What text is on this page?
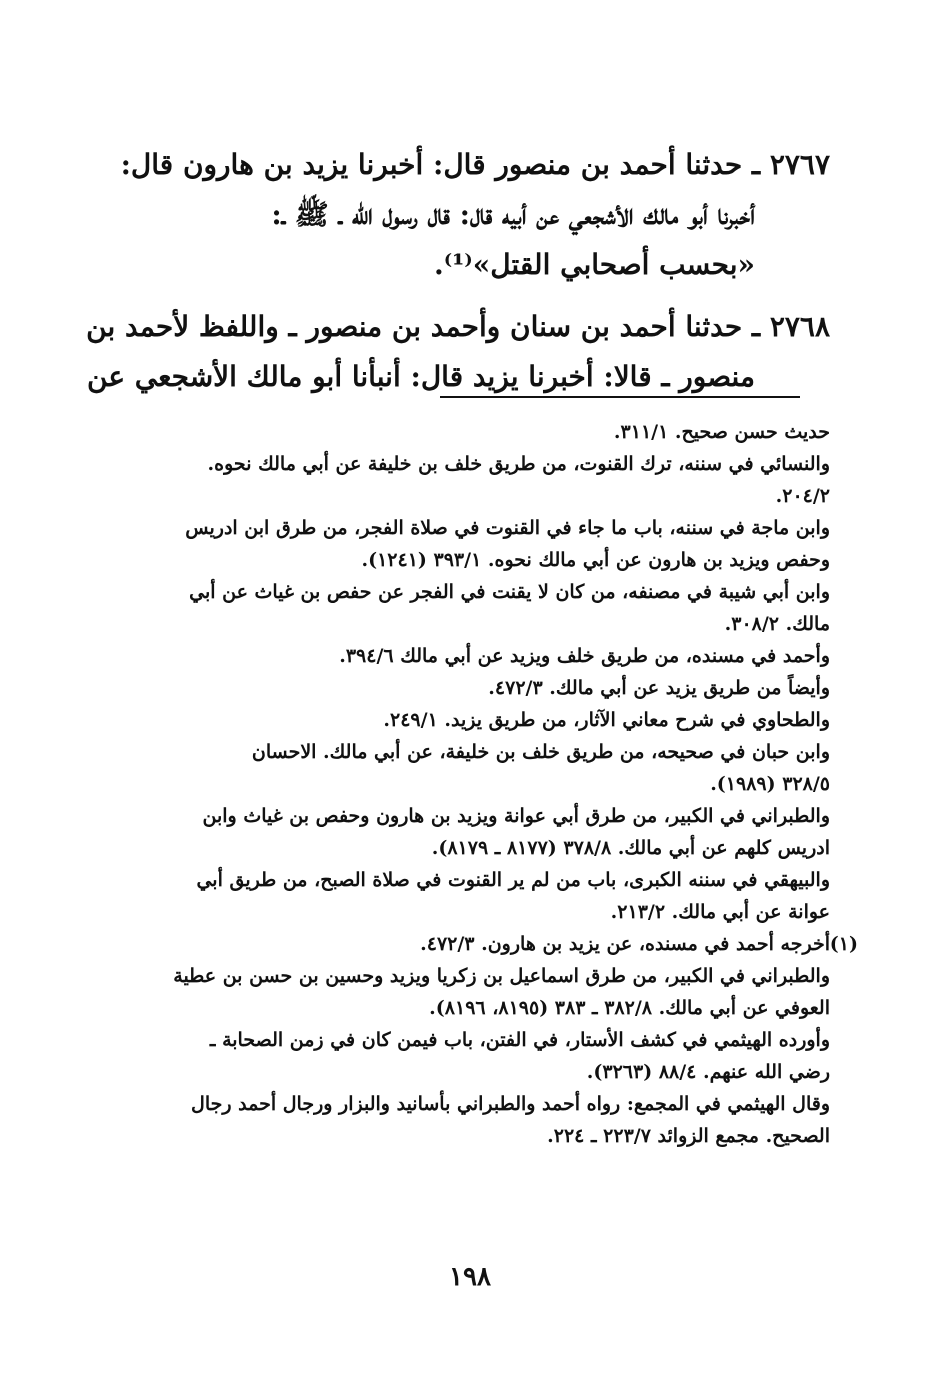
٢٧٦٧ ـ حدثنا أحمد بن منصور قال: أخبرنا يزيد بن هارون قال:
أخبرنا أبو مالك الأشجعي عن أبيه قال: قال رسول الله ـ ﷺ ـ:
«بحسب أصحابي القتل»⁽¹⁾.
٢٧٦٨ ـ حدثنا أحمد بن سنان وأحمد بن منصور ـ واللفظ لأحمد بن
منصور ـ قالا: أخبرنا يزيد قال: أنبأنا أبو مالك الأشجعي عن
حديث حسن صحيح. ٣١١/١.
والنسائي في سننه، ترك القنوت، من طريق خلف بن خليفة عن أبي مالك نحوه.
٢٠٤/٢.
وابن ماجة في سننه، باب ما جاء في القنوت في صلاة الفجر، من طرق ابن ادريس
وحفص ويزيد بن هارون عن أبي مالك نحوه. ٣٩٣/١ (١٢٤١).
وابن أبي شيبة في مصنفه، من كان لا يقنت في الفجر عن حفص بن غياث عن أبي
مالك. ٣٠٨/٢.
وأحمد في مسنده، من طريق خلف ويزيد عن أبي مالك ٣٩٤/٦.
وأيضاً من طريق يزيد عن أبي مالك. ٤٧٢/٣.
والطحاوي في شرح معاني الآثار، من طريق يزيد. ٢٤٩/١.
وابن حبان في صحيحه، من طريق خلف بن خليفة، عن أبي مالك. الاحسان
٣٢٨/٥ (١٩٨٩).
والطبراني في الكبير، من طرق أبي عوانة ويزيد بن هارون وحفص بن غياث وابن
ادريس كلهم عن أبي مالك. ٣٧٨/٨ (٨١٧٧ ـ ٨١٧٩).
والبيهقي في سننه الكبرى، باب من لم ير القنوت في صلاة الصبح، من طريق أبي
عوانة عن أبي مالك. ٢١٣/٢.
(١)
أخرجه أحمد في مسنده، عن يزيد بن هارون. ٤٧٢/٣.
والطبراني في الكبير، من طرق اسماعيل بن زكريا ويزيد وحسين بن حسن بن عطية
العوفي عن أبي مالك. ٣٨٢/٨ ـ ٣٨٣ (٨١٩٥، ٨١٩٦).
وأورده الهيثمي في كشف الأستار، في الفتن، باب فيمن كان في زمن الصحابة ـ
رضي الله عنهم. ٨٨/٤ (٣٢٦٣).
وقال الهيثمي في المجمع: رواه أحمد والطبراني بأسانيد والبزار ورجال أحمد رجال
الصحيح. مجمع الزوائد ٢٢٣/٧ ـ ٢٢٤.
١٩٨
